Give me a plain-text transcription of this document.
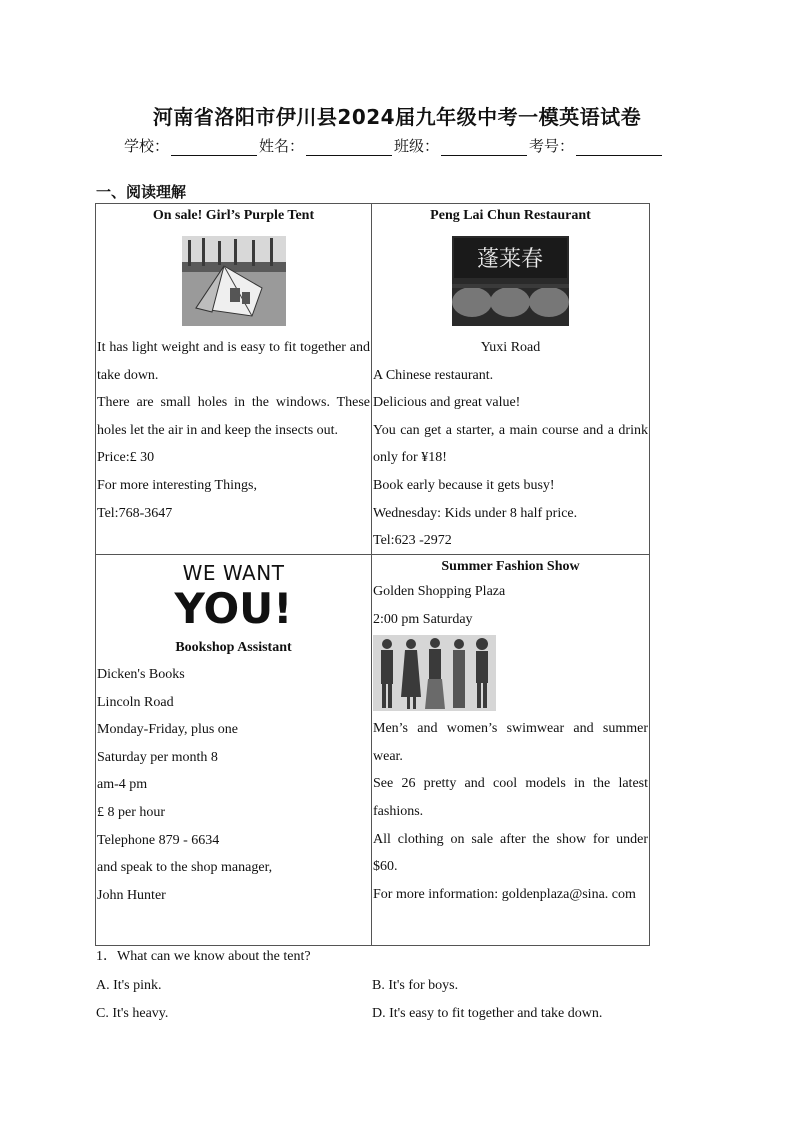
河南省洛阳市伊川县2024届九年级中考一模英语试卷
学校：	姓名：	班级：	考号：
一、阅读理解
On sale! Girl’s Purple Tent

It has light weight and is easy to fit together and take down.

There are small holes in the windows. These holes let the air in and keep the insects out.

Price:£ 30

For more interesting Things,

Tel:768-3647

Peng Lai Chun Restaurant
蓬莱春

Yuxi Road

A Chinese restaurant.

Delicious and great value!

You can get a starter, a main course and a drink only for ¥18!

Book early because it gets busy!

Wednesday: Kids under 8 half price.

Tel:623 -2972

WE WANT
YOU!
Bookshop Assistant

Dicken's Books

Lincoln Road

Monday-Friday, plus one

Saturday per month 8

am-4 pm

£ 8 per hour

Telephone 879 - 6634

and speak to the shop manager,

John Hunter

Summer Fashion Show

Golden Shopping Plaza

2:00 pm Saturday

Men’s and women’s swimwear and summer wear.

See 26 pretty and cool models in the latest fashions.

All clothing on sale after the show for under $60.

For more information: goldenplaza@sina. com

1．What can we know about the tent?
A. It's pink.	B. It's for boys.
C. It's heavy.	D. It's easy to fit together and take down.
